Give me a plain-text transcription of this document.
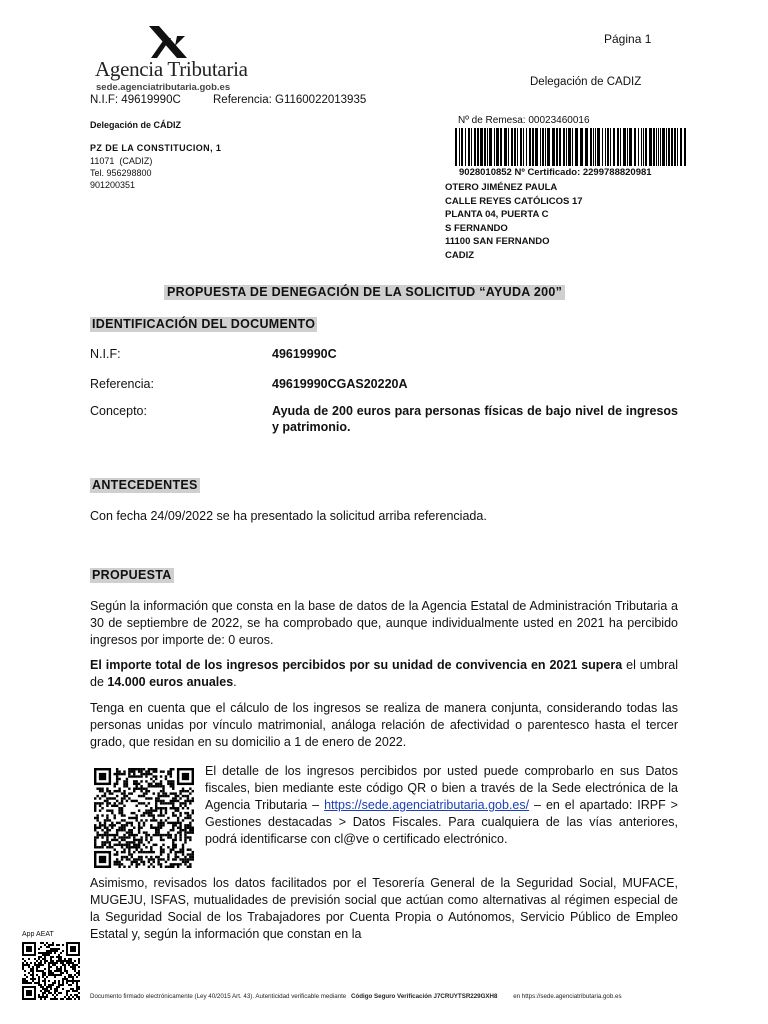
Agencia Tributaria
sede.agenciatributaria.gob.es
Página 1
Delegación de CADIZ
N.I.F: 49619990C	Referencia: G1160022013935
Delegación de CÁDIZ
PZ DE LA CONSTITUCION, 1
11071  (CADIZ)
Tel. 956298800
901200351
Nº de Remesa: 00023460016
9028010852 Nº Certificado: 2299788820981
OTERO JIMÉNEZ PAULA
CALLE REYES CATÓLICOS 17
PLANTA 04, PUERTA C
S FERNANDO
11100 SAN FERNANDO
CADIZ
PROPUESTA DE DENEGACIÓN DE LA SOLICITUD “AYUDA 200”
IDENTIFICACIÓN DEL DOCUMENTO
N.I.F:	49619990C
Referencia:	49619990CGAS20220A
Concepto:	Ayuda de 200 euros para personas físicas de bajo nivel de ingresos y patrimonio.
ANTECEDENTES
Con fecha 24/09/2022 se ha presentado la solicitud arriba referenciada.
PROPUESTA

Según la información que consta en la base de datos de la Agencia Estatal de Administración Tributaria a 30 de septiembre de 2022, se ha comprobado que, aunque individualmente usted en 2021 ha percibido ingresos por importe de: 0 euros.

El importe total de los ingresos percibidos por su unidad de convivencia en 2021 supera el umbral de 14.000 euros anuales.

Tenga en cuenta que el cálculo de los ingresos se realiza de manera conjunta, considerando todas las personas unidas por vínculo matrimonial, análoga relación de afectividad o parentesco hasta el tercer grado, que residan en su domicilio a 1 de enero de 2022.

El detalle de los ingresos percibidos por usted puede comprobarlo en sus Datos fiscales, bien mediante este código QR o bien a través de la Sede electrónica de la Agencia Tributaria – https://sede.agenciatributaria.gob.es/ – en el apartado: IRPF > Gestiones destacadas > Datos Fiscales. Para cualquiera de las vías anteriores, podrá identificarse con cl@ve o certificado electrónico.

Asimismo, revisados los datos facilitados por el Tesorería General de la Seguridad Social, MUFACE, MUGEJU, ISFAS, mutualidades de previsión social que actúan como alternativas al régimen especial de la Seguridad Social de los Trabajadores por Cuenta Propia o Autónomos, Servicio Público de Empleo Estatal y, según la información que constan en la

App AEAT
Documento firmado electrónicamente (Ley 40/2015 Art. 43). Autenticidad verificable mediante Código Seguro Verificación J7CRUYTSR229GXH8	en https://sede.agenciatributaria.gob.es
